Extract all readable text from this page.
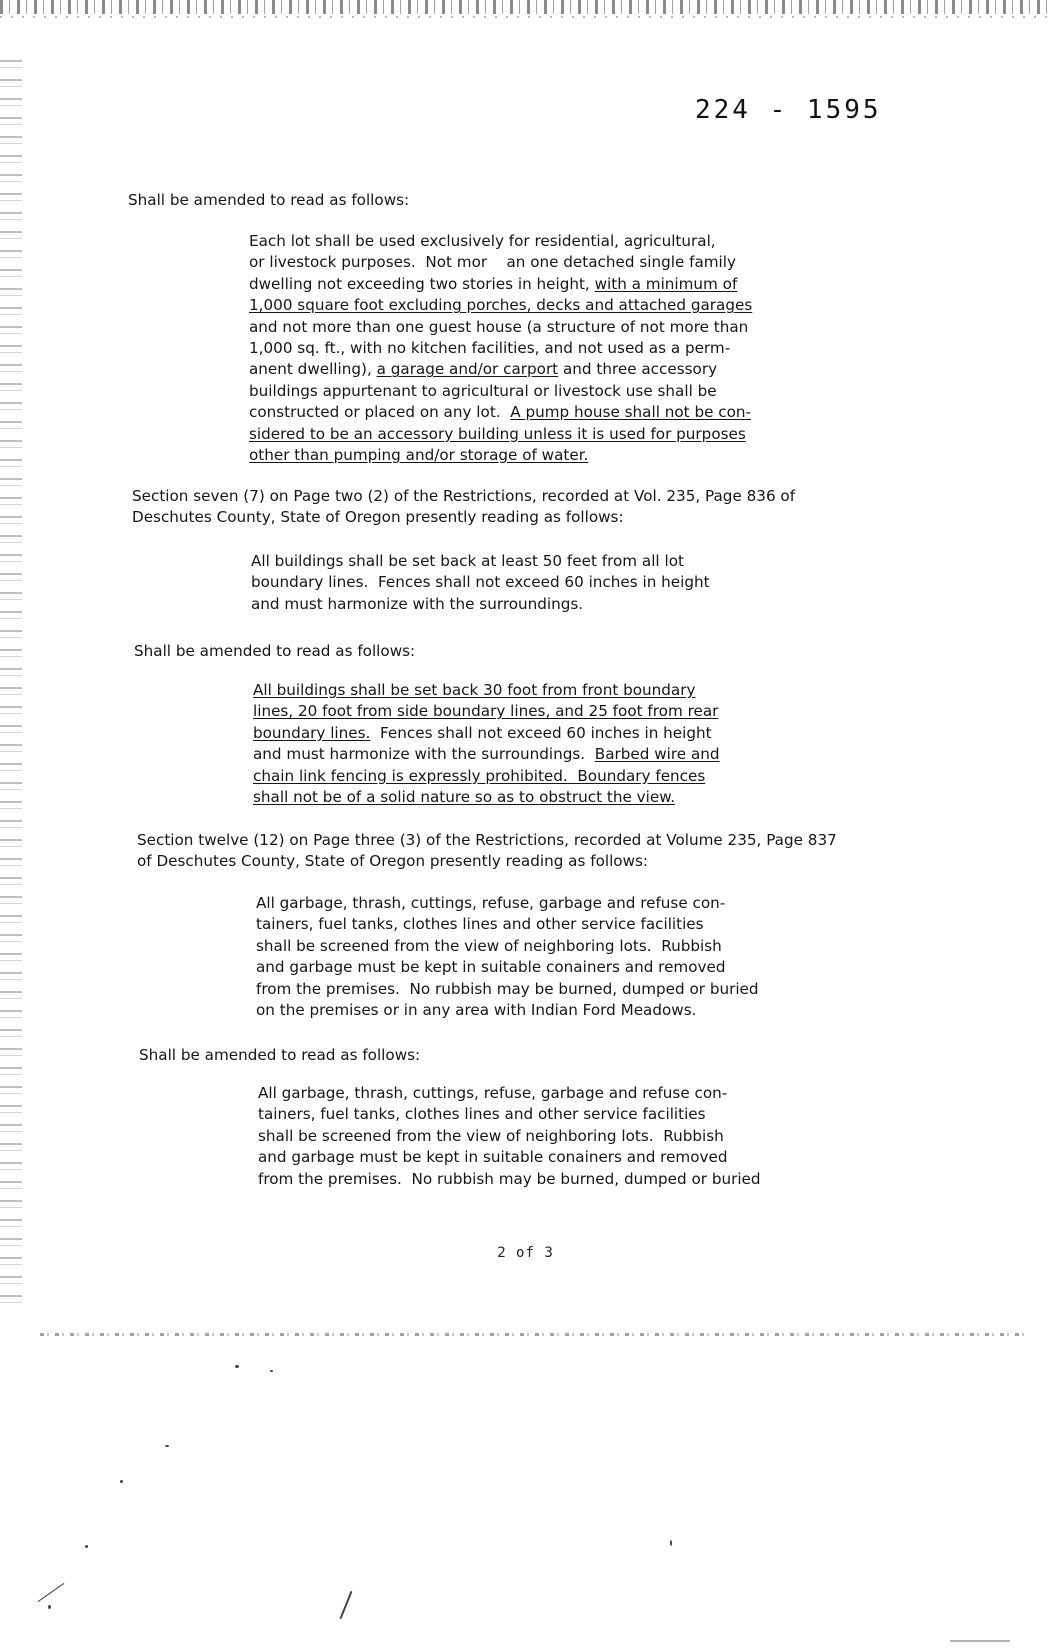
224 - 1595

Shall be amended to read as follows:

Each lot shall be used exclusively for residential, agricultural,

or livestock purposes.  Not mor    an one detached single family

dwelling not exceeding two stories in height, with a minimum of

1,000 square foot excluding porches, decks and attached garages

and not more than one guest house (a structure of not more than

1,000 sq. ft., with no kitchen facilities, and not used as a perm-

anent dwelling), a garage and/or carport and three accessory

buildings appurtenant to agricultural or livestock use shall be

constructed or placed on any lot.  A pump house shall not be con-

sidered to be an accessory building unless it is used for purposes

other than pumping and/or storage of water.

Section seven (7) on Page two (2) of the Restrictions, recorded at Vol. 235, Page 836 of

Deschutes County, State of Oregon presently reading as follows:

All buildings shall be set back at least 50 feet from all lot

boundary lines.  Fences shall not exceed 60 inches in height

and must harmonize with the surroundings.

Shall be amended to read as follows:

All buildings shall be set back 30 foot from front boundary

lines, 20 foot from side boundary lines, and 25 foot from rear

boundary lines.  Fences shall not exceed 60 inches in height

and must harmonize with the surroundings.  Barbed wire and

chain link fencing is expressly prohibited.  Boundary fences

shall not be of a solid nature so as to obstruct the view.

Section twelve (12) on Page three (3) of the Restrictions, recorded at Volume 235, Page 837

of Deschutes County, State of Oregon presently reading as follows:

All garbage, thrash, cuttings, refuse, garbage and refuse con-

tainers, fuel tanks, clothes lines and other service facilities

shall be screened from the view of neighboring lots.  Rubbish

and garbage must be kept in suitable conainers and removed

from the premises.  No rubbish may be burned, dumped or buried

on the premises or in any area with Indian Ford Meadows.

Shall be amended to read as follows:

All garbage, thrash, cuttings, refuse, garbage and refuse con-

tainers, fuel tanks, clothes lines and other service facilities

shall be screened from the view of neighboring lots.  Rubbish

and garbage must be kept in suitable conainers and removed

from the premises.  No rubbish may be burned, dumped or buried

2 of 3
